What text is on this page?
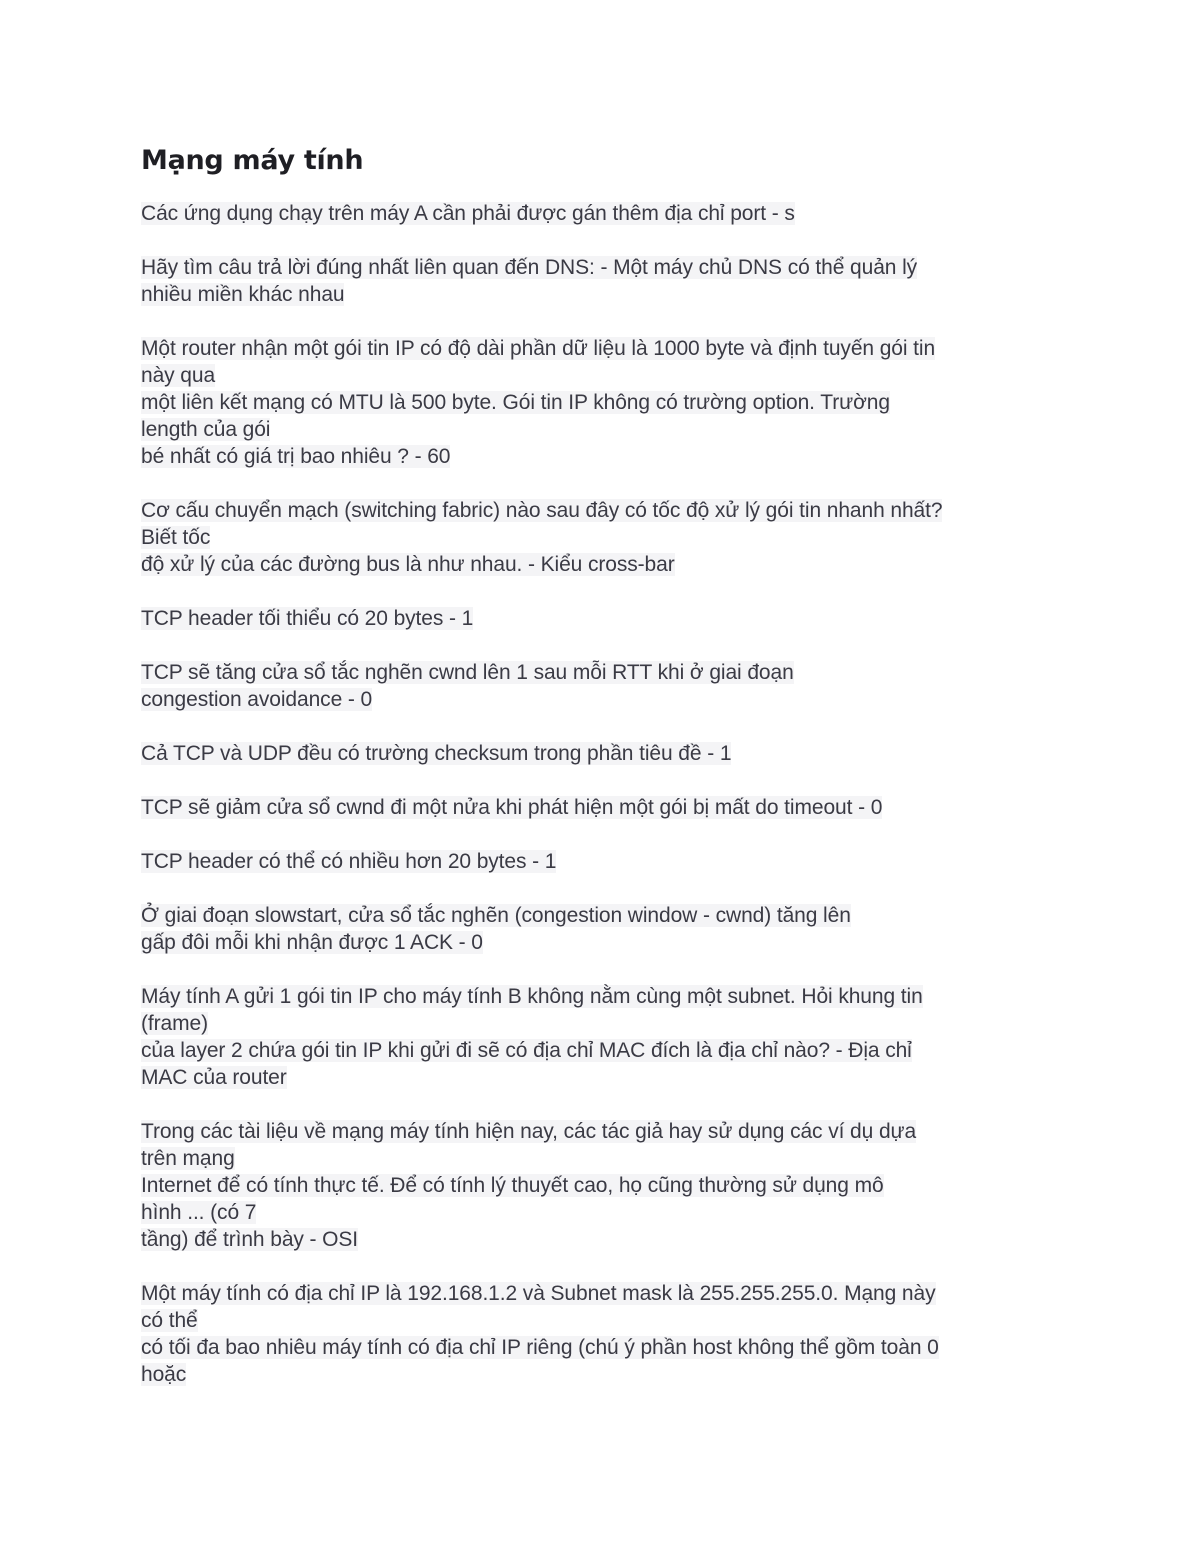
Mạng máy tính
Các ứng dụng chạy trên máy A cần phải được gán thêm địa chỉ port - s
Hãy tìm câu trả lời đúng nhất liên quan đến DNS: - Một máy chủ DNS có thể quản lý
nhiều miền khác nhau
Một router nhận một gói tin IP có độ dài phần dữ liệu là 1000 byte và định tuyến gói tin
này qua
một liên kết mạng có MTU là 500 byte. Gói tin IP không có trường option. Trường
length của gói
bé nhất có giá trị bao nhiêu ? - 60
Cơ cấu chuyển mạch (switching fabric) nào sau đây có tốc độ xử lý gói tin nhanh nhất?
Biết tốc
độ xử lý của các đường bus là như nhau. - Kiểu cross-bar
TCP header tối thiểu có 20 bytes - 1
TCP sẽ tăng cửa sổ tắc nghẽn cwnd lên 1 sau mỗi RTT khi ở giai đoạn
congestion avoidance - 0
Cả TCP và UDP đều có trường checksum trong phần tiêu đề - 1
TCP sẽ giảm cửa sổ cwnd đi một nửa khi phát hiện một gói bị mất do timeout - 0
TCP header có thể có nhiều hơn 20 bytes - 1
Ở giai đoạn slowstart, cửa sổ tắc nghẽn (congestion window - cwnd) tăng lên
gấp đôi mỗi khi nhận được 1 ACK - 0
Máy tính A gửi 1 gói tin IP cho máy tính B không nằm cùng một subnet. Hỏi khung tin
(frame)
của layer 2 chứa gói tin IP khi gửi đi sẽ có địa chỉ MAC đích là địa chỉ nào? - Địa chỉ
MAC của router
Trong các tài liệu về mạng máy tính hiện nay, các tác giả hay sử dụng các ví dụ dựa
trên mạng
Internet để có tính thực tế. Để có tính lý thuyết cao, họ cũng thường sử dụng mô
hình ... (có 7
tầng) để trình bày - OSI
Một máy tính có địa chỉ IP là 192.168.1.2 và Subnet mask là 255.255.255.0. Mạng này
có thể
có tối đa bao nhiêu máy tính có địa chỉ IP riêng (chú ý phần host không thể gồm toàn 0
hoặc
